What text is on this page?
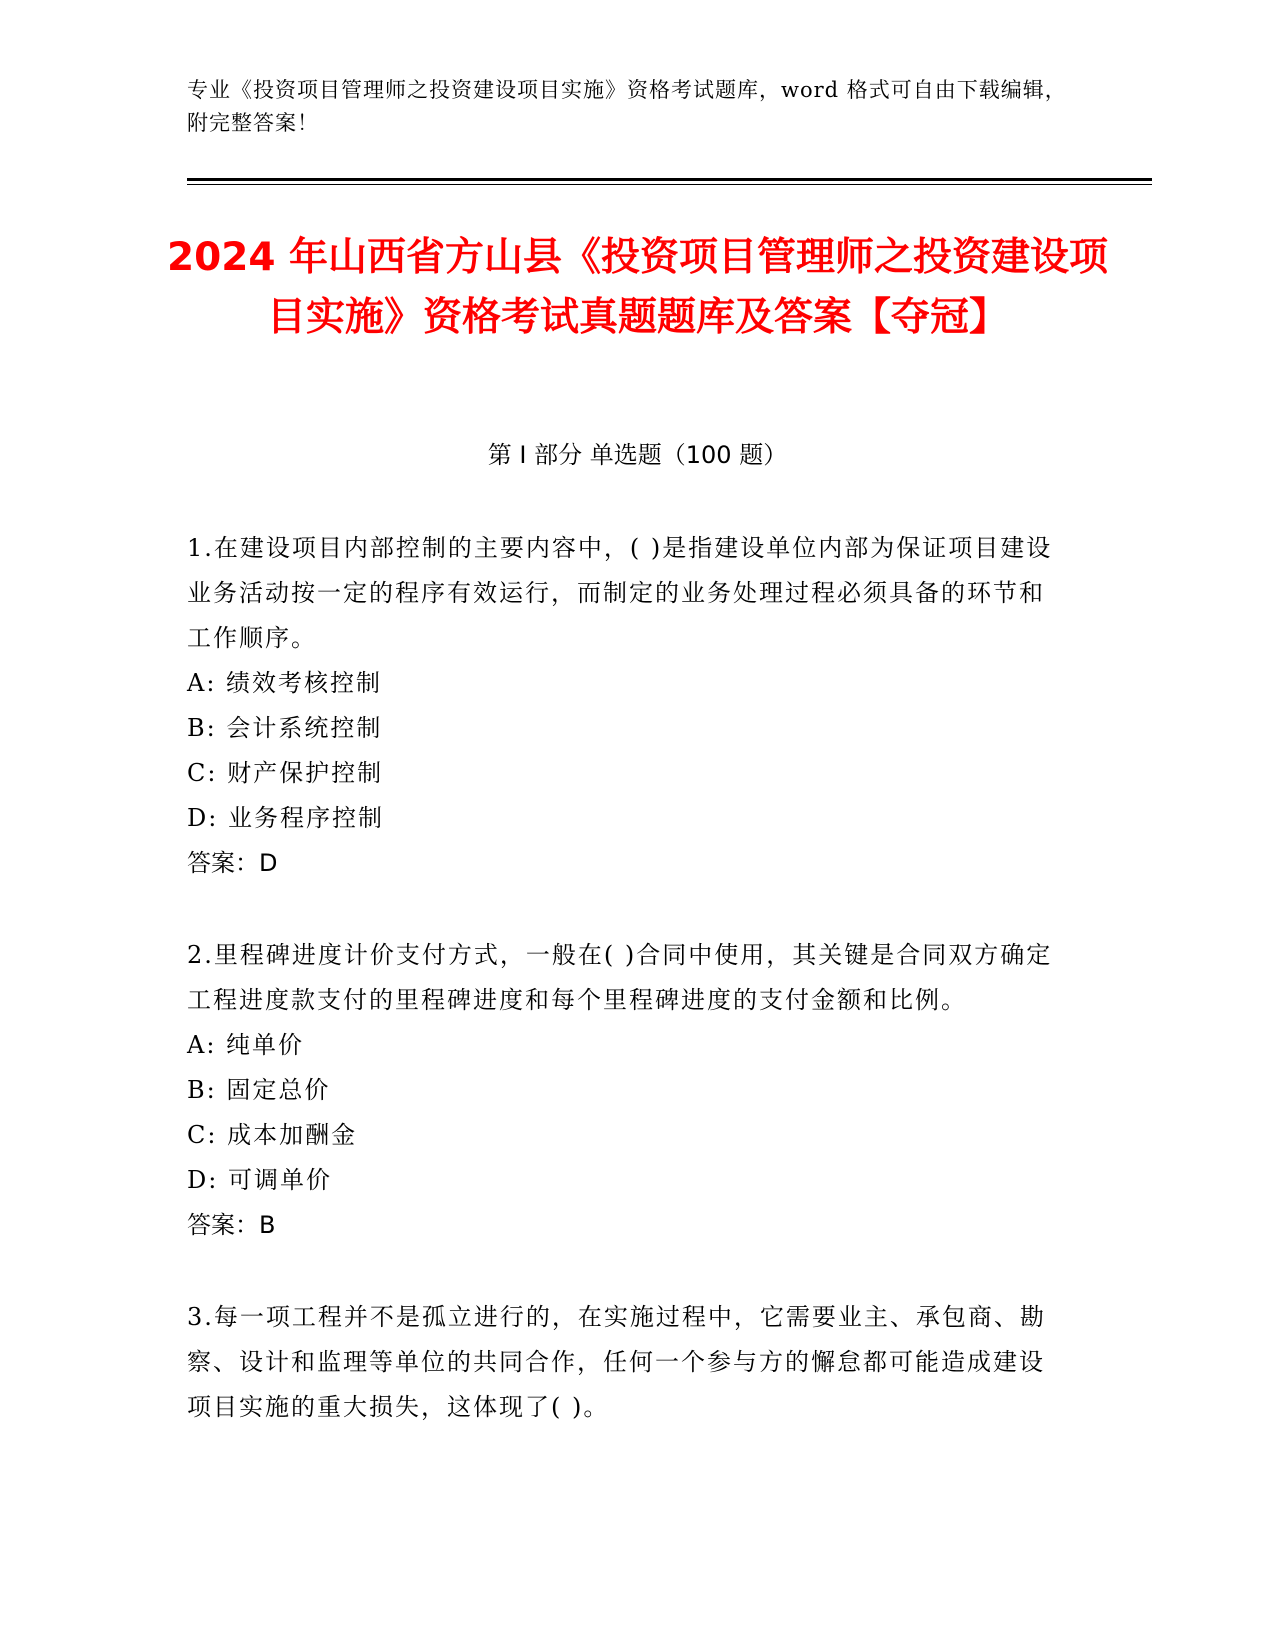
专业《投资项目管理师之投资建设项目实施》资格考试题库，word 格式可自由下载编辑，附完整答案！
2024 年山西省方山县《投资项目管理师之投资建设项目实施》资格考试真题题库及答案【夺冠】
第 I 部分 单选题（100 题）
1.在建设项目内部控制的主要内容中，( )是指建设单位内部为保证项目建设业务活动按一定的程序有效运行，而制定的业务处理过程必须具备的环节和工作顺序。
A: 绩效考核控制
B: 会计系统控制
C: 财产保护控制
D: 业务程序控制
答案：D
2.里程碑进度计价支付方式，一般在( )合同中使用，其关键是合同双方确定工程进度款支付的里程碑进度和每个里程碑进度的支付金额和比例。
A: 纯单价
B: 固定总价
C: 成本加酬金
D: 可调单价
答案：B
3.每一项工程并不是孤立进行的，在实施过程中，它需要业主、承包商、勘察、设计和监理等单位的共同合作，任何一个参与方的懈怠都可能造成建设项目实施的重大损失，这体现了( )。
